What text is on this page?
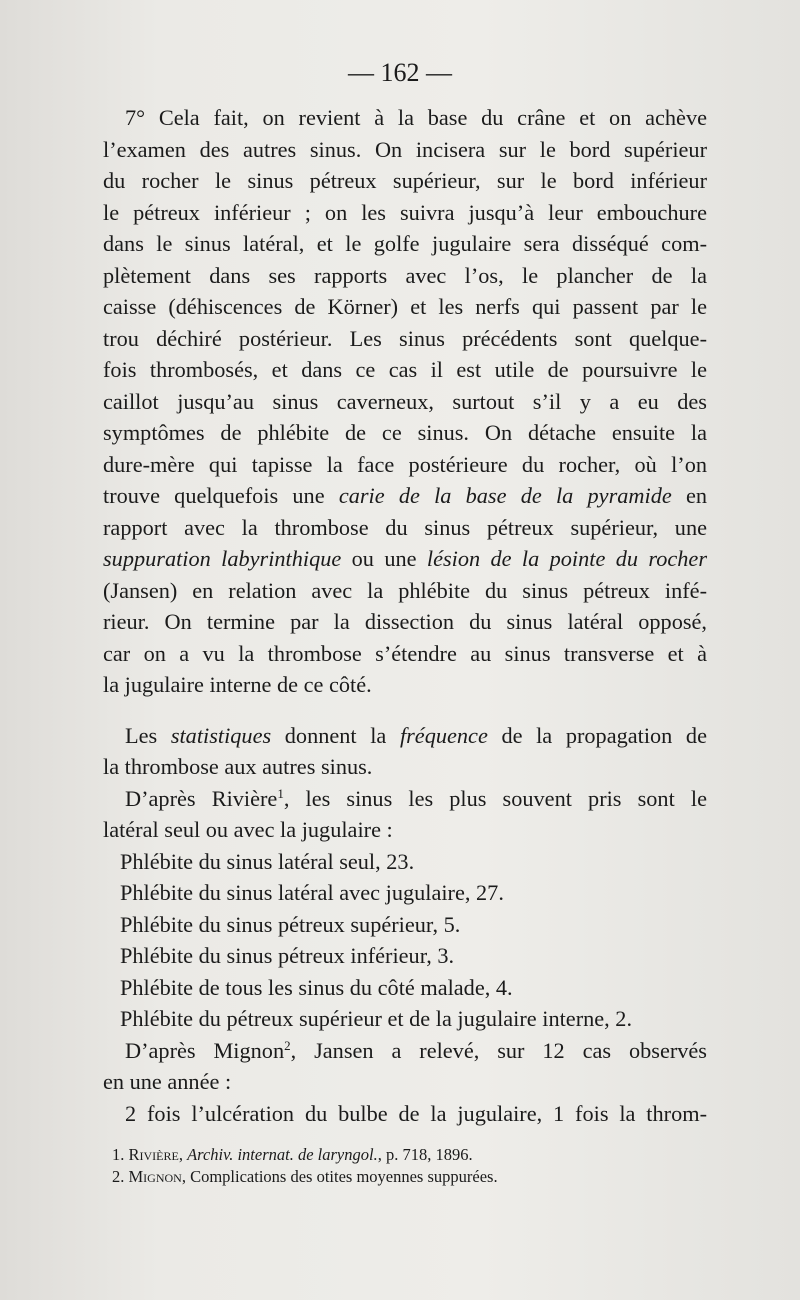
— 162 —

7° Cela fait, on revient à la base du crâne et on achève

l’examen des autres sinus. On incisera sur le bord supérieur

du rocher le sinus pétreux supérieur, sur le bord inférieur

le pétreux inférieur ; on les suivra jusqu’à leur embouchure

dans le sinus latéral, et le golfe jugulaire sera disséqué com-

plètement dans ses rapports avec l’os, le plancher de la

caisse (déhiscences de Körner) et les nerfs qui passent par le

trou déchiré postérieur. Les sinus précédents sont quelque-

fois thrombosés, et dans ce cas il est utile de poursuivre le

caillot jusqu’au sinus caverneux, surtout s’il y a eu des

symptômes de phlébite de ce sinus. On détache ensuite la

dure-mère qui tapisse la face postérieure du rocher, où l’on

trouve quelquefois une carie de la base de la pyramide en

rapport avec la thrombose du sinus pétreux supérieur, une

suppuration labyrinthique ou une lésion de la pointe du rocher

(Jansen) en relation avec la phlébite du sinus pétreux infé-

rieur. On termine par la dissection du sinus latéral opposé,

car on a vu la thrombose s’étendre au sinus transverse et à

la jugulaire interne de ce côté.

Les statistiques donnent la fréquence de la propagation de

la thrombose aux autres sinus.

D’après Rivière$^1$, les sinus les plus souvent pris sont le

latéral seul ou avec la jugulaire :

Phlébite du sinus latéral seul, 23.

Phlébite du sinus latéral avec jugulaire, 27.

Phlébite du sinus pétreux supérieur, 5.

Phlébite du sinus pétreux inférieur, 3.

Phlébite de tous les sinus du côté malade, 4.

Phlébite du pétreux supérieur et de la jugulaire interne, 2.

D’après Mignon$^2$, Jansen a relevé, sur 12 cas observés

en une année :

2 fois l’ulcération du bulbe de la jugulaire, 1 fois la throm-

1. Rivière, Archiv. internat. de laryngol., p. 718, 1896.

2. Mignon, Complications des otites moyennes suppurées.
